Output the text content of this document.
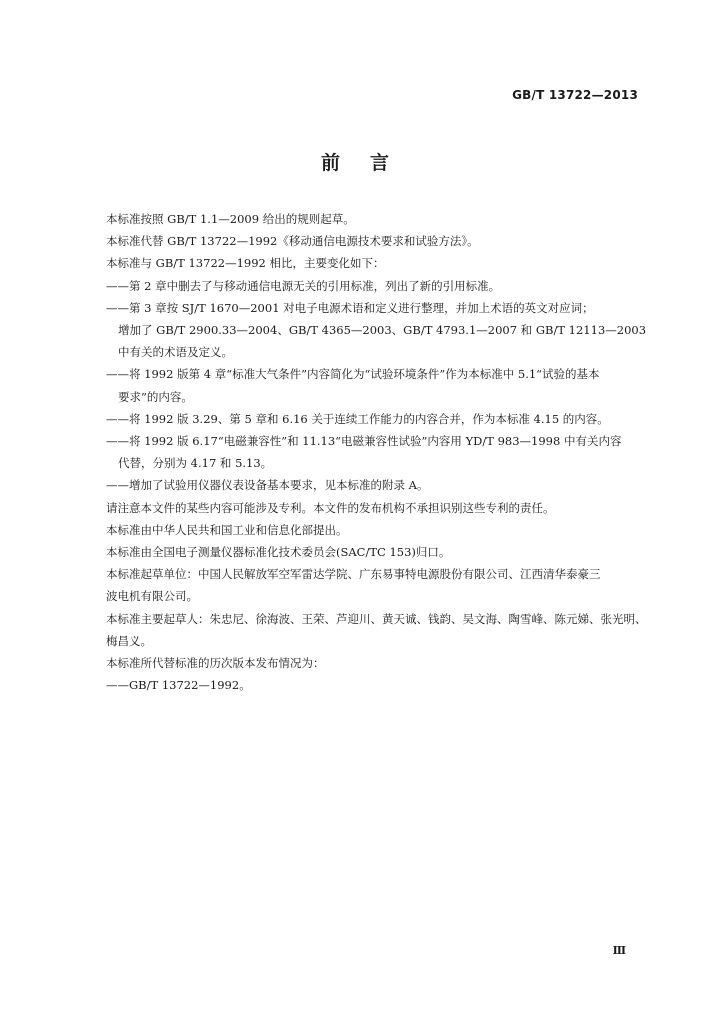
GB/T 13722—2013
前言

本标准按照 GB/T 1.1—2009 给出的规则起草。

本标准代替 GB/T 13722—1992《移动通信电源技术要求和试验方法》。

本标准与 GB/T 13722—1992 相比，主要变化如下：

——第 2 章中删去了与移动通信电源无关的引用标准，列出了新的引用标准。

——第 3 章按 SJ/T 1670—2001 对电子电源术语和定义进行整理，并加上术语的英文对应词；

增加了 GB/T 2900.33—2004、GB/T 4365—2003、GB/T 4793.1—2007 和 GB/T 12113—2003

中有关的术语及定义。

——将 1992 版第 4 章“标准大气条件”内容简化为“试验环境条件”作为本标准中 5.1“试验的基本

要求”的内容。

——将 1992 版 3.29、第 5 章和 6.16 关于连续工作能力的内容合并，作为本标准 4.15 的内容。

——将 1992 版 6.17“电磁兼容性”和 11.13“电磁兼容性试验”内容用 YD/T 983—1998 中有关内容

代替，分别为 4.17 和 5.13。

——增加了试验用仪器仪表设备基本要求，见本标准的附录 A。

请注意本文件的某些内容可能涉及专利。本文件的发布机构不承担识别这些专利的责任。

本标准由中华人民共和国工业和信息化部提出。

本标准由全国电子测量仪器标准化技术委员会(SAC/TC 153)归口。

本标准起草单位：中国人民解放军空军雷达学院、广东易事特电源股份有限公司、江西清华泰豪三

波电机有限公司。

本标准主要起草人：朱忠尼、徐海波、王荣、芦迎川、黄天诚、钱韵、吴文海、陶雪峰、陈元娣、张光明、

梅昌义。

本标准所代替标准的历次版本发布情况为：

——GB/T 13722—1992。

Ⅲ
